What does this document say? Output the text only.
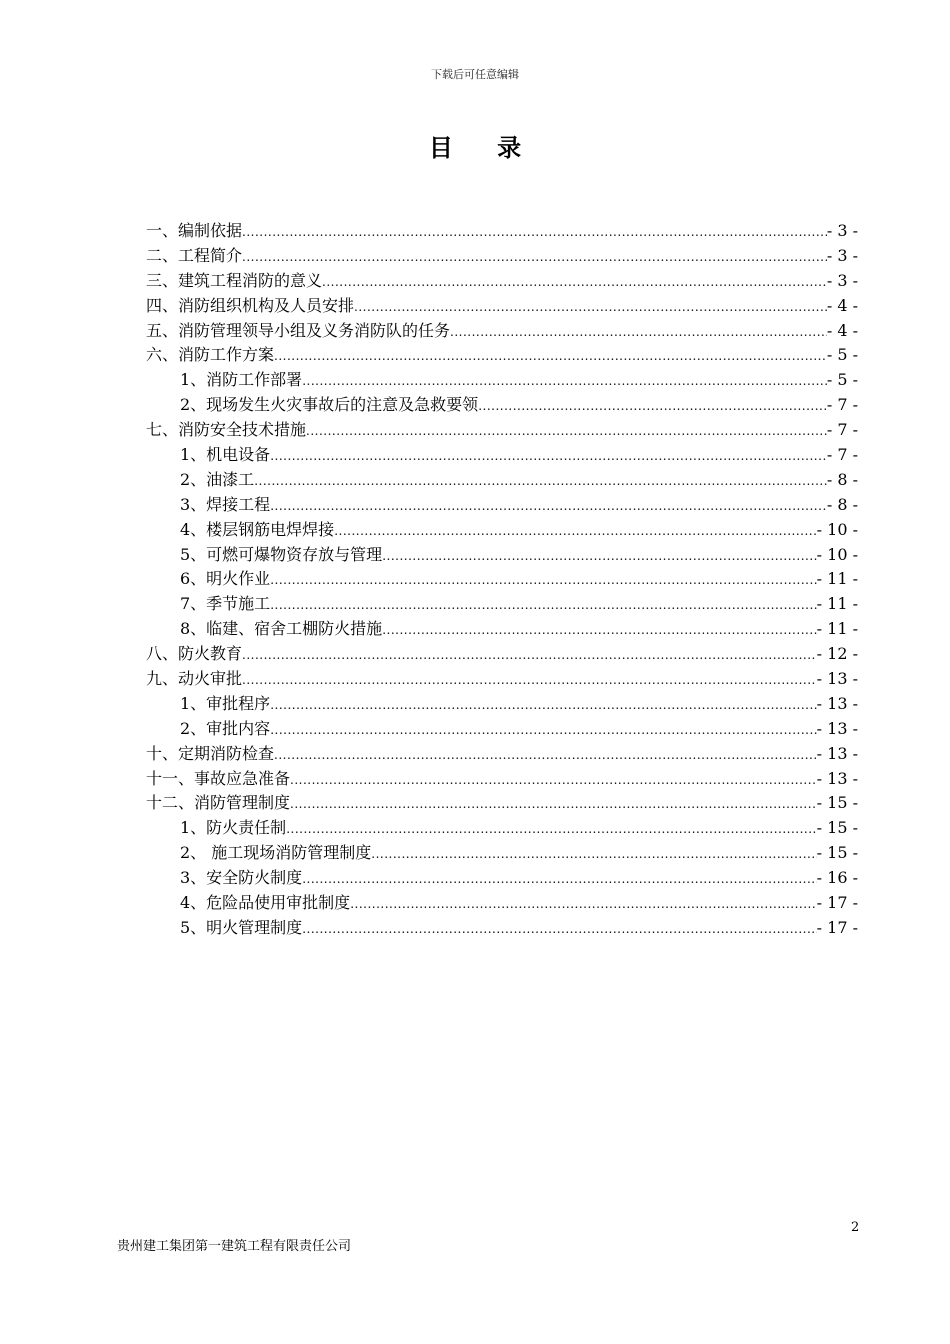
下载后可任意编辑
目 录
一、编制依据 .....	- 3 -
二、工程简介 .....	- 3 -
三、建筑工程消防的意义 .....	- 3 -
四、消防组织机构及人员安排 .....	- 4 -
五、消防管理领导小组及义务消防队的任务 .....	- 4 -
六、消防工作方案 .....	- 5 -
1、消防工作部署 .....	- 5 -
2、现场发生火灾事故后的注意及急救要领 .....	- 7 -
七、消防安全技术措施 .....	- 7 -
1、机电设备 .....	- 7 -
2、油漆工 .....	- 8 -
3、焊接工程 .....	- 8 -
4、楼层钢筋电焊焊接 .....	- 10 -
5、可燃可爆物资存放与管理 .....	- 10 -
6、明火作业 .....	- 11 -
7、季节施工 .....	- 11 -
8、临建、宿舍工棚防火措施 .....	- 11 -
八、防火教育 .....	- 12 -
九、动火审批 .....	- 13 -
1、审批程序 .....	- 13 -
2、审批内容 .....	- 13 -
十、定期消防检查 .....	- 13 -
十一、事故应急准备 .....	- 13 -
十二、消防管理制度 .....	- 15 -
1、防火责任制 .....	- 15 -
2、 施工现场消防管理制度 .....	- 15 -
3、安全防火制度 .....	- 16 -
4、危险品使用审批制度 .....	- 17 -
5、明火管理制度 .....	- 17 -
2
贵州建工集团第一建筑工程有限责任公司
